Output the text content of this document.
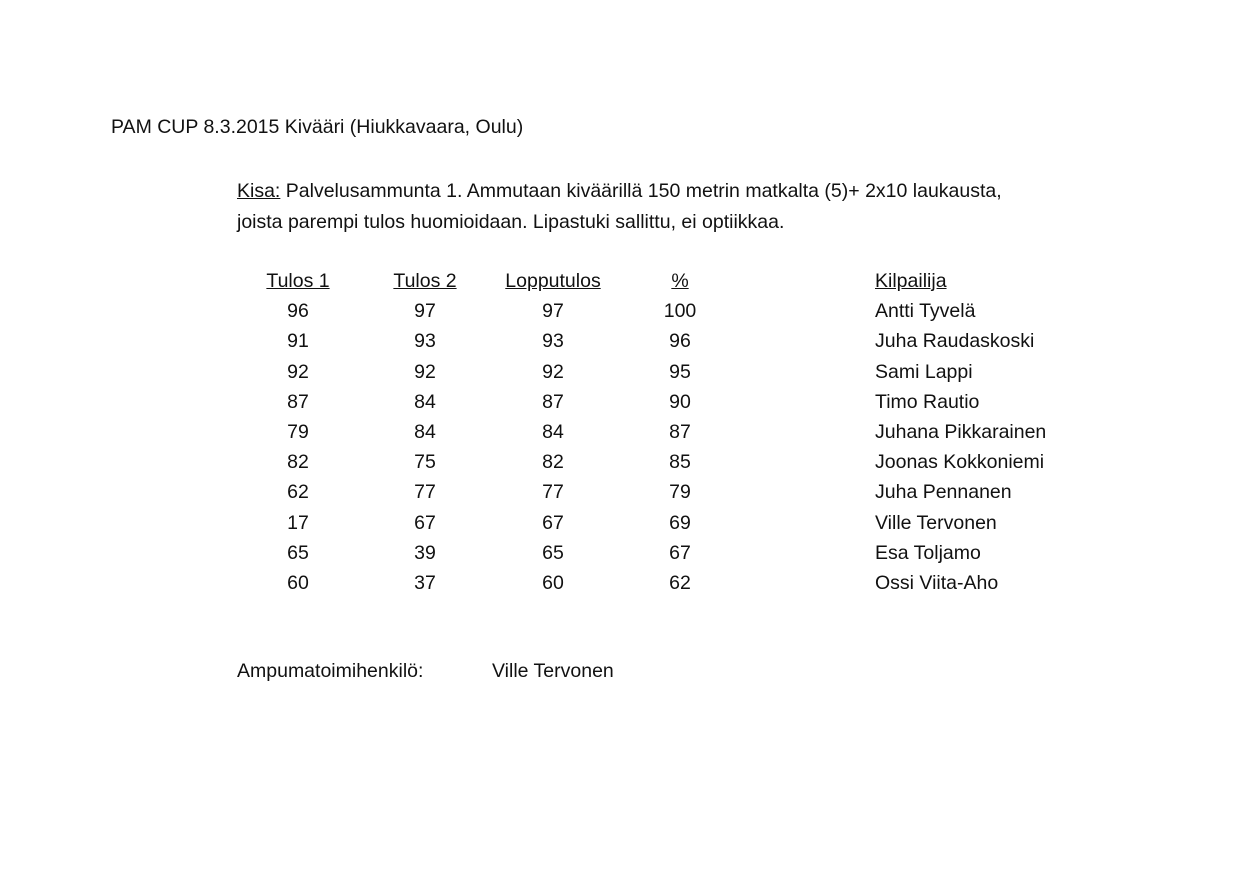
PAM CUP 8.3.2015 Kivääri (Hiukkavaara, Oulu)
Kisa: Palvelusammunta 1. Ammutaan kiväärillä 150 metrin matkalta (5)+ 2x10 laukausta,
joista parempi tulos huomioidaan. Lipastuki sallittu, ei optiikkaa.
Tulos 1	Tulos 2	Lopputulos	%	Kilpailija
96	97	97	100	Antti Tyvelä
91	93	93	96	Juha Raudaskoski
92	92	92	95	Sami Lappi
87	84	87	90	Timo Rautio
79	84	84	87	Juhana Pikkarainen
82	75	82	85	Joonas Kokkoniemi
62	77	77	79	Juha Pennanen
17	67	67	69	Ville Tervonen
65	39	65	67	Esa Toljamo
60	37	60	62	Ossi Viita-Aho
Ampumatoimihenkilö:	Ville Tervonen
